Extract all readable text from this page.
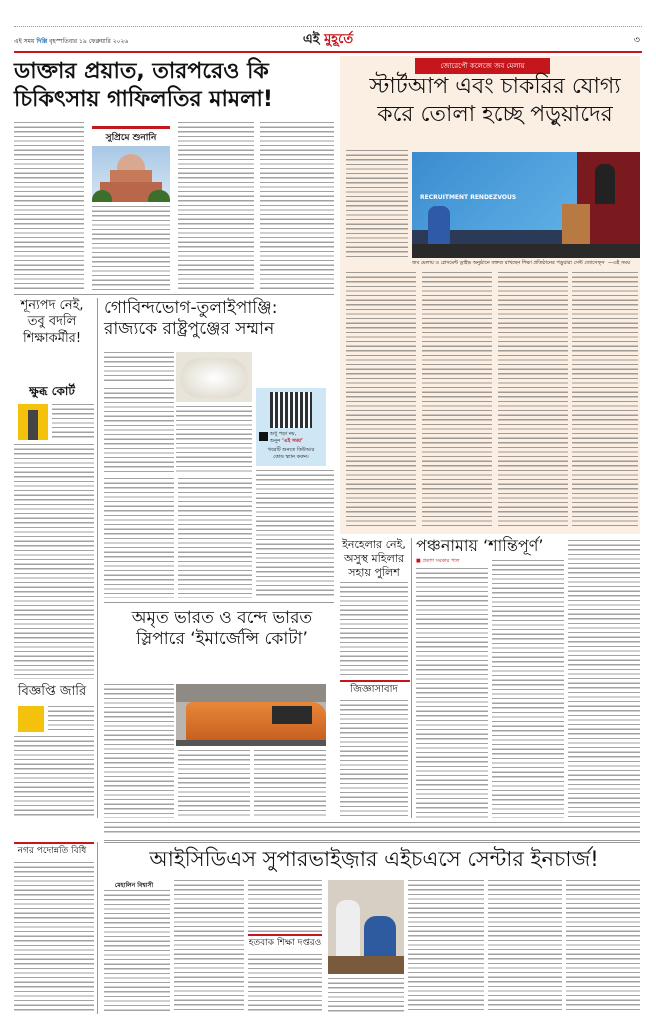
এই সময় দিল্লি বৃহস্পতিবার ১৯ ফেব্রুয়ারি ২০২৬	এই মুহূর্তে	৩
ডাক্তার প্রয়াত, তারপরেও কি
চিকিৎসায় গাফিলতির মামলা!
সুপ্রিমে শুনানি
জোরেপৌ কলেজে জব মেলায়
স্টার্টআপ এবং চাকরির যোগ্য
করে তোলা হচ্ছে পড়ুয়াদের
RECRUITMENT RENDEZVOUS
জব মেলায় ও প্লেসমেন্ট ড্রাইভ অনুষ্ঠানে বক্তব্য রাখছেন শিক্ষা প্রতিষ্ঠানের পড়ুয়ারা সেন্ট জোসেফ্‌স —এই সময়
শূন্যপদ নেই,
তবু বদলি
শিক্ষাকর্মীর!
ক্ষুব্ধ কোর্ট
গোবিন্দভোগ-তুলাইপাঞ্জি:
রাজ্যকে রাষ্ট্রপুঞ্জের সম্মান
শুধু পড়া নয়,
শুনুন ‘এই সময়’
খবরটি শুনতে কিউআর
কোড স্ক্যান করুন।
ইনহেলার নেই,
অসুস্থ মহিলার
সহায় পুলিশ
জিজ্ঞাসাবাদ
পঞ্চনামায় ‘শান্তিপূর্ণ’
■ প্রকাশ সরকার পাল
অমৃত ভারত ও বন্দে ভারত
স্লিপারে ‘ইমার্জেন্সি কোটা’
বিজ্ঞপ্তি জারি
নগর পদোন্নতি বিধি	আইসিডিএস সুপারভাইজ়ার এইচএসে সেন্টার ইনচার্জ!
মেহালিন বিশ্বাসী
হতবাক শিক্ষা দপ্তরও
